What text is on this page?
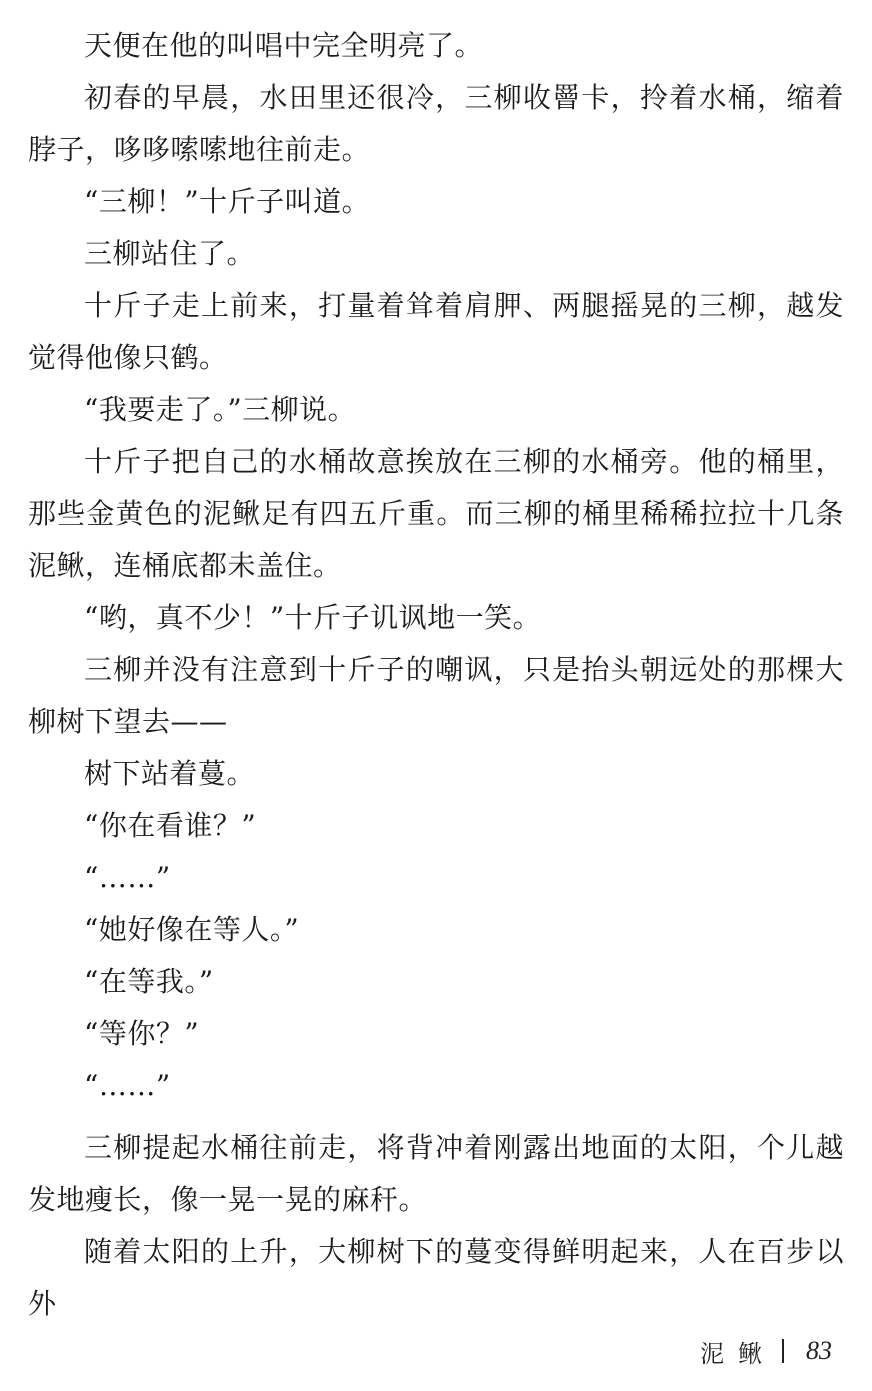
天便在他的叫唱中完全明亮了。

初春的早晨，水田里还很冷，三柳收罾卡，拎着水桶，缩着脖子，哆哆嗦嗦地往前走。

“三柳！”十斤子叫道。

三柳站住了。

十斤子走上前来，打量着耸着肩胛、两腿摇晃的三柳，越发觉得他像只鹤。

“我要走了。”三柳说。

十斤子把自己的水桶故意挨放在三柳的水桶旁。他的桶里，那些金黄色的泥鳅足有四五斤重。而三柳的桶里稀稀拉拉十几条泥鳅，连桶底都未盖住。

“哟，真不少！”十斤子讥讽地一笑。

三柳并没有注意到十斤子的嘲讽，只是抬头朝远处的那棵大柳树下望去——

树下站着蔓。

“你在看谁？”

“……”

“她好像在等人。”

“在等我。”

“等你？”

“……”

三柳提起水桶往前走，将背冲着刚露出地面的太阳，个儿越发地瘦长，像一晃一晃的麻秆。

随着太阳的上升，大柳树下的蔓变得鲜明起来，人在百步以外

泥鳅 83
